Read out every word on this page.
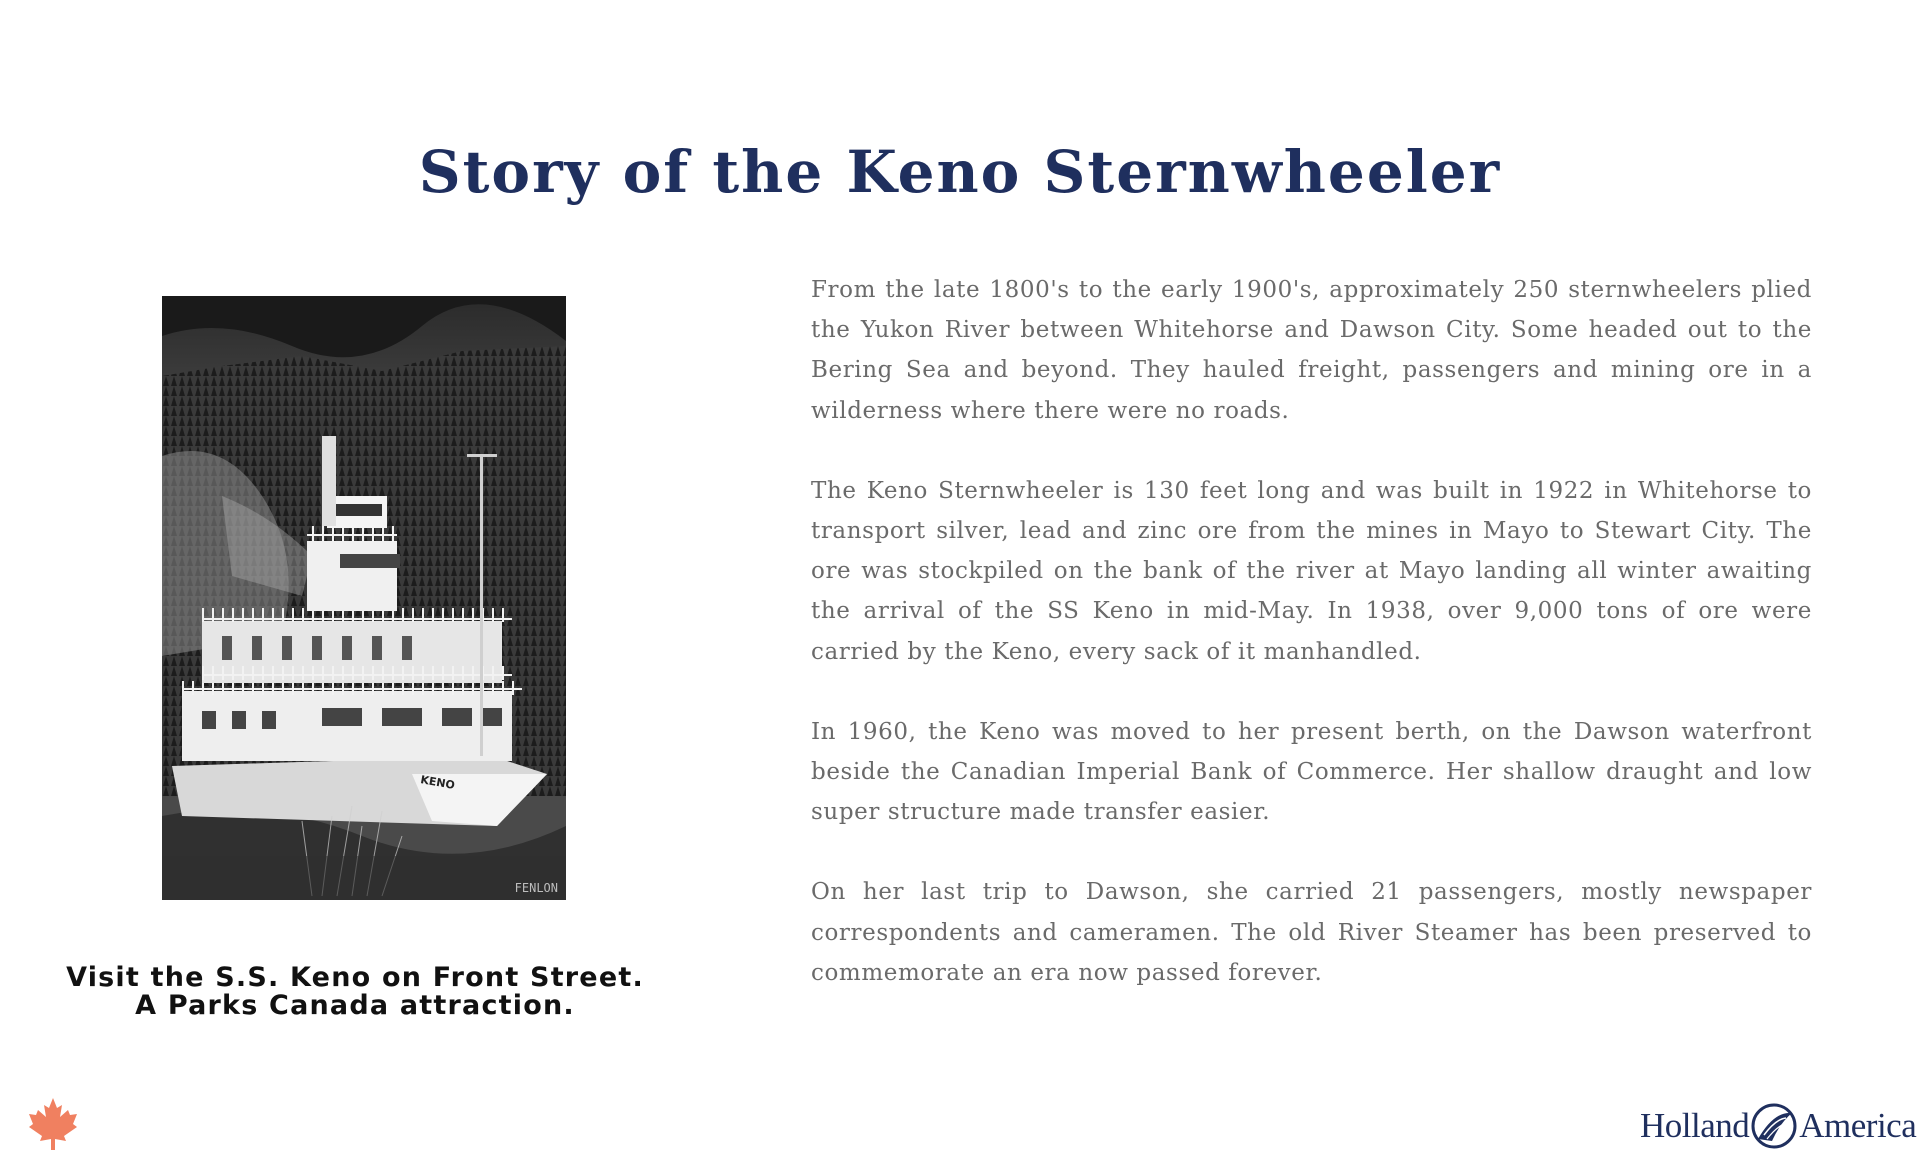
Story of the Keno Sternwheeler
KENO
FENLON
Visit the S.S. Keno on Front Street.
A Parks Canada attraction.

From the late 1800's to the early 1900's, approximately 250 sternwheelers plied the Yukon River between Whitehorse and Dawson City. Some headed out to the Bering Sea and beyond. They hauled freight, passengers and mining ore in a wilderness where there were no roads.

The Keno Sternwheeler is 130 feet long and was built in 1922 in Whitehorse to transport silver, lead and zinc ore from the mines in Mayo to Stewart City. The ore was stockpiled on the bank of the river at Mayo landing all winter awaiting the arrival of the SS Keno in mid-May. In 1938, over 9,000 tons of ore were carried by the Keno, every sack of it manhandled.

In 1960, the Keno was moved to her present berth, on the Dawson waterfront beside the Canadian Imperial Bank of Commerce. Her shallow draught and low super structure made transfer easier.

On her last trip to Dawson, she carried 21 passengers, mostly newspaper correspondents and cameramen. The old River Steamer has been preserved to commemorate an era now passed forever.

Holland America
